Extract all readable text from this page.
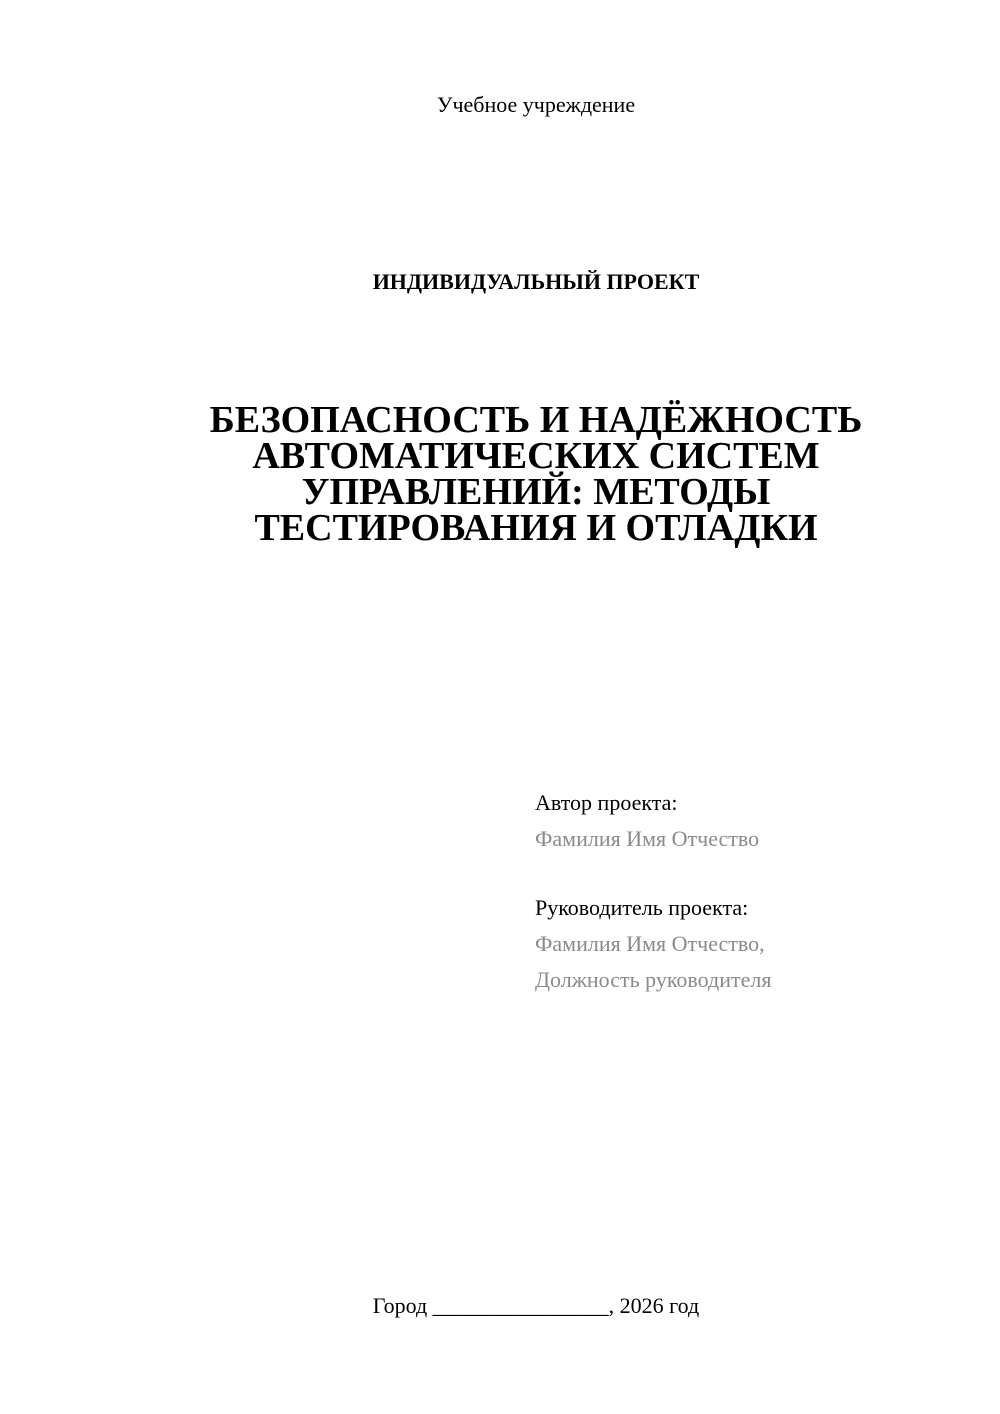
Учебное учреждение
ИНДИВИДУАЛЬНЫЙ ПРОЕКТ
БЕЗОПАСНОСТЬ И НАДЁЖНОСТЬ
АВТОМАТИЧЕСКИХ СИСТЕМ
УПРАВЛЕНИЙ: МЕТОДЫ
ТЕСТИРОВАНИЯ И ОТЛАДКИ
Автор проекта:
Фамилия Имя Отчество
Руководитель проекта:
Фамилия Имя Отчество,
Должность руководителя
Город ________________, 2026 год
